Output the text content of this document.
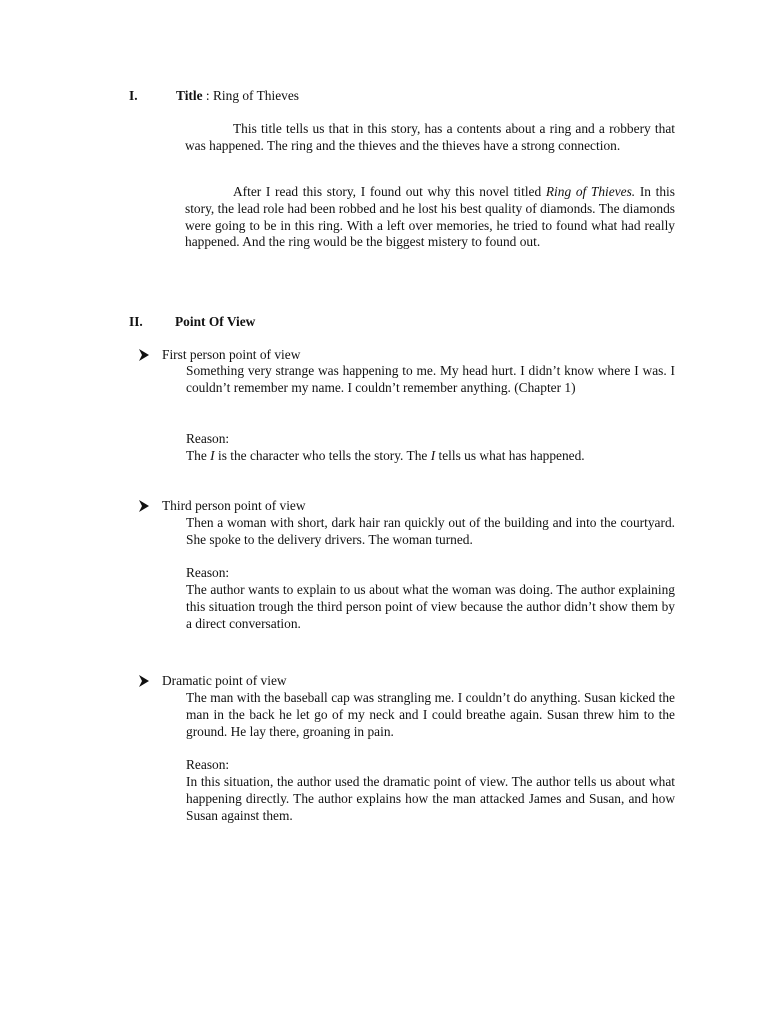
I.	Title : Ring of Thieves

This title tells us that in this story, has a contents about a ring and a robbery that was happened. The ring and the thieves and the thieves have a strong connection.

After I read this story, I found out why this novel titled Ring of Thieves. In this story, the lead role had been robbed and he lost his best quality of diamonds. The diamonds were going to be in this ring. With a left over memories, he tried to found what had really happened. And the ring would be the biggest mistery to found out.

II. Point Of View
First person point of view

Something very strange was happening to me. My head hurt. I didn’t know where I was. I couldn’t remember my name. I couldn’t remember anything. (Chapter 1)

Reason:

The I is the character who tells the story. The I tells us what has happened.

Third person point of view

Then a woman with short, dark hair ran quickly out of the building and into the courtyard. She spoke to the delivery drivers. The woman turned.

Reason:

The author wants to explain to us about what the woman was doing. The author explaining this situation trough the third person point of view because the author didn’t show them by a direct conversation.

Dramatic point of view

The man with the baseball cap was strangling me. I couldn’t do anything. Susan kicked the man in the back he let go of my neck and I could breathe again. Susan threw him to the ground. He lay there, groaning in pain.

Reason:

In this situation, the author used the dramatic point of view. The author tells us about what happening directly. The author explains how the man attacked James and Susan, and how Susan against them.
